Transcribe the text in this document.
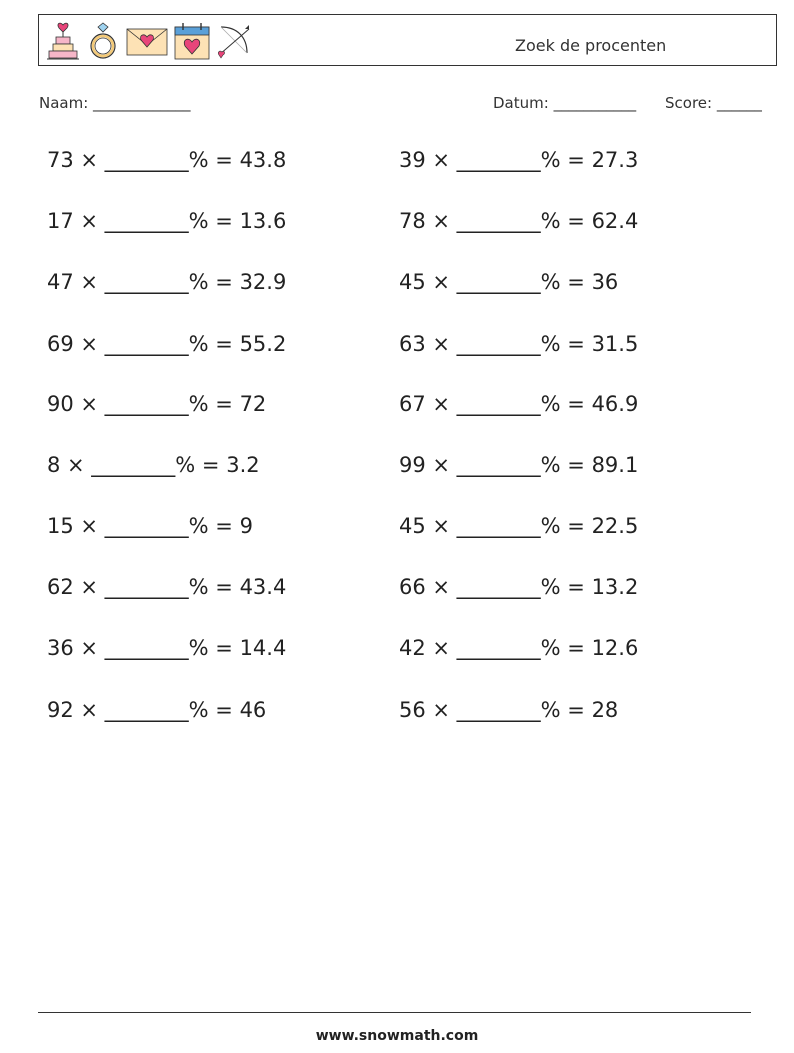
Zoek de procenten
Naam: _____________	Datum: ___________ Score: ______
73 × ________% = 43.8
17 × ________% = 13.6
47 × ________% = 32.9
69 × ________% = 55.2
90 × ________% = 72
8 × ________% = 3.2
15 × ________% = 9
62 × ________% = 43.4
36 × ________% = 14.4
92 × ________% = 46
39 × ________% = 27.3
78 × ________% = 62.4
45 × ________% = 36
63 × ________% = 31.5
67 × ________% = 46.9
99 × ________% = 89.1
45 × ________% = 22.5
66 × ________% = 13.2
42 × ________% = 12.6
56 × ________% = 28
www.snowmath.com
